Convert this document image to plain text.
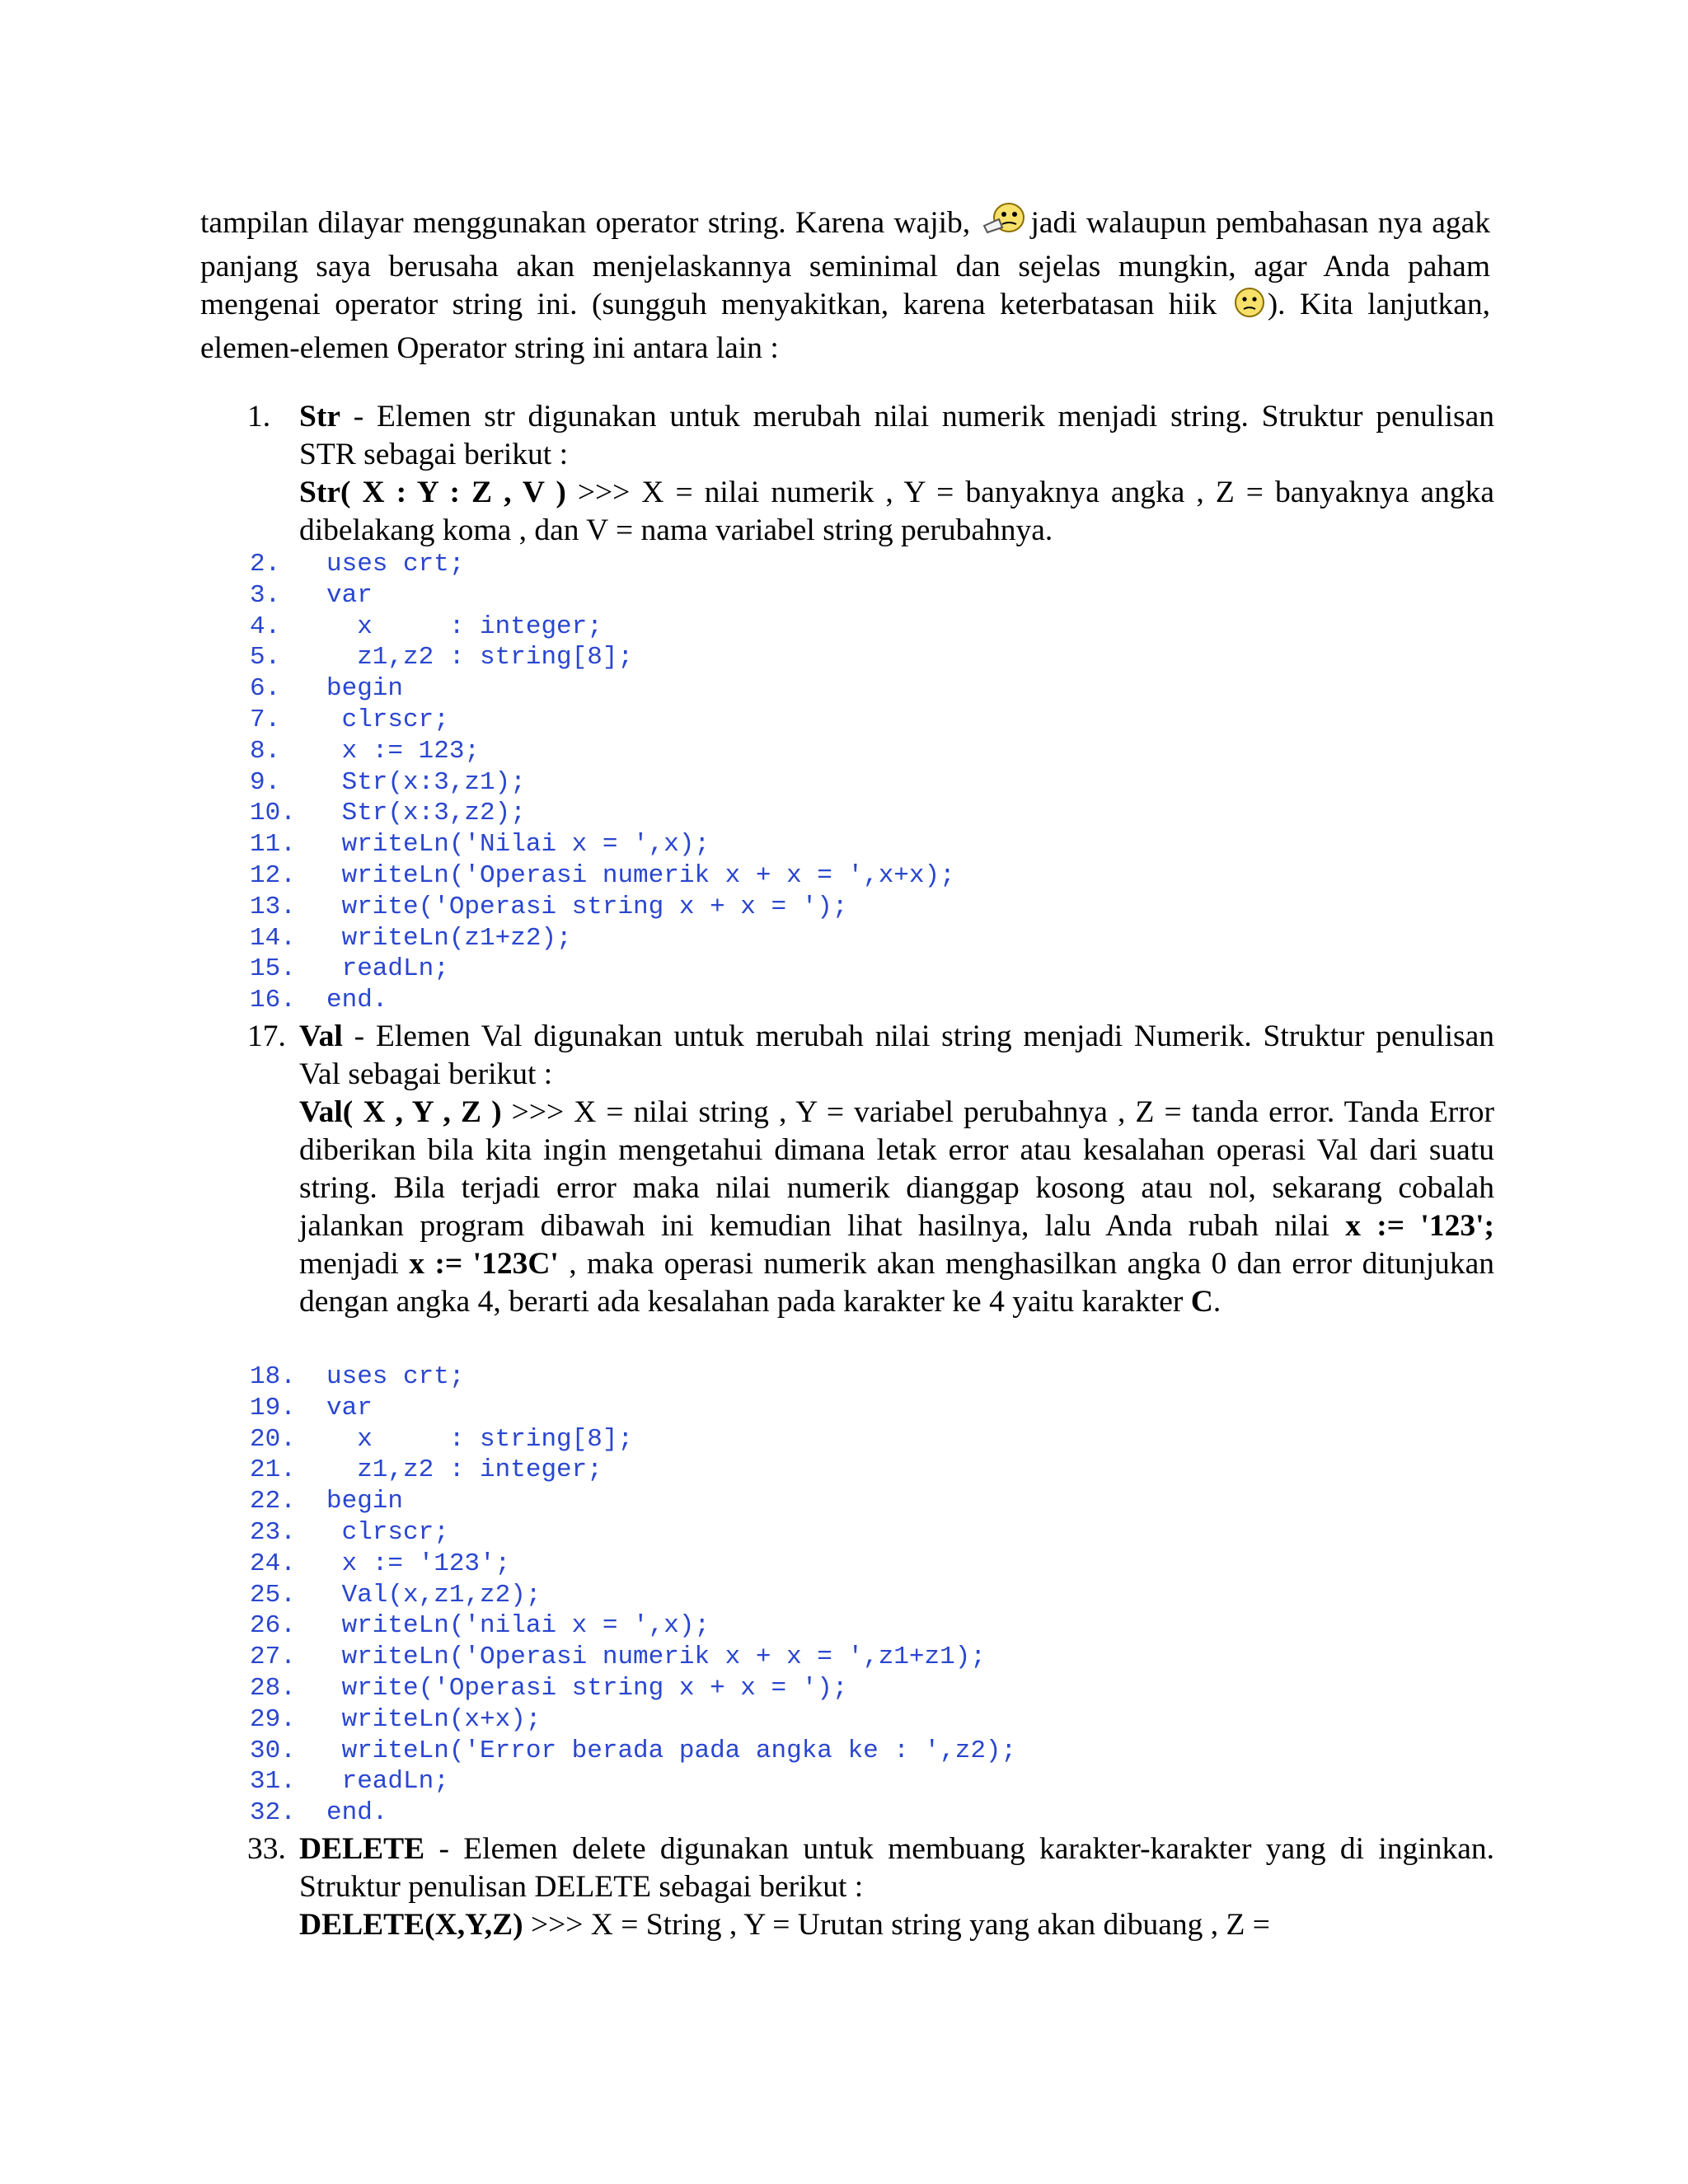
tampilan dilayar menggunakan operator string. Karena wajib, jadi walaupun pembahasan nya agak panjang saya berusaha akan menjelaskannya seminimal dan sejelas mungkin, agar Anda paham mengenai operator string ini. (sungguh menyakitkan, karena keterbatasan hiik ). Kita lanjutkan, elemen-elemen Operator string ini antara lain :

1. Str - Elemen str digunakan untuk merubah nilai numerik menjadi string. Struktur penulisan STR sebagai berikut :

Str( X : Y : Z , V ) >>> X = nilai numerik , Y = banyaknya angka , Z = banyaknya angka dibelakang koma , dan V = nama variabel string perubahnya.

2. uses crt;
3. var
4.  x     : integer;
5.  z1,z2 : string[8];
6. begin
7. clrscr;
8. x := 123;
9. Str(x:3,z1);
10. Str(x:3,z2);
11. writeLn('Nilai x = ',x);
12. writeLn('Operasi numerik x + x = ',x+x);
13. write('Operasi string x + x = ');
14. writeLn(z1+z2);
15. readLn;
16. end.
17. Val - Elemen Val digunakan untuk merubah nilai string menjadi Numerik. Struktur penulisan Val sebagai berikut :

Val( X , Y , Z ) >>> X = nilai string , Y = variabel perubahnya , Z = tanda error. Tanda Error diberikan bila kita ingin mengetahui dimana letak error atau kesalahan operasi Val dari suatu string. Bila terjadi error maka nilai numerik dianggap kosong atau nol, sekarang cobalah jalankan program dibawah ini kemudian lihat hasilnya, lalu Anda rubah nilai x := '123'; menjadi x := '123C' , maka operasi numerik akan menghasilkan angka 0 dan error ditunjukan dengan angka 4, berarti ada kesalahan pada karakter ke 4 yaitu karakter C.

18. uses crt;
19. var
20.  x     : string[8];
21.  z1,z2 : integer;
22. begin
23. clrscr;
24. x := '123';
25. Val(x,z1,z2);
26. writeLn('nilai x = ',x);
27. writeLn('Operasi numerik x + x = ',z1+z1);
28. write('Operasi string x + x = ');
29. writeLn(x+x);
30. writeLn('Error berada pada angka ke : ',z2);
31. readLn;
32. end.
33. DELETE - Elemen delete digunakan untuk membuang karakter-karakter yang di inginkan. Struktur penulisan DELETE sebagai berikut :

DELETE(X,Y,Z) >>> X = String , Y = Urutan string yang akan dibuang , Z =
